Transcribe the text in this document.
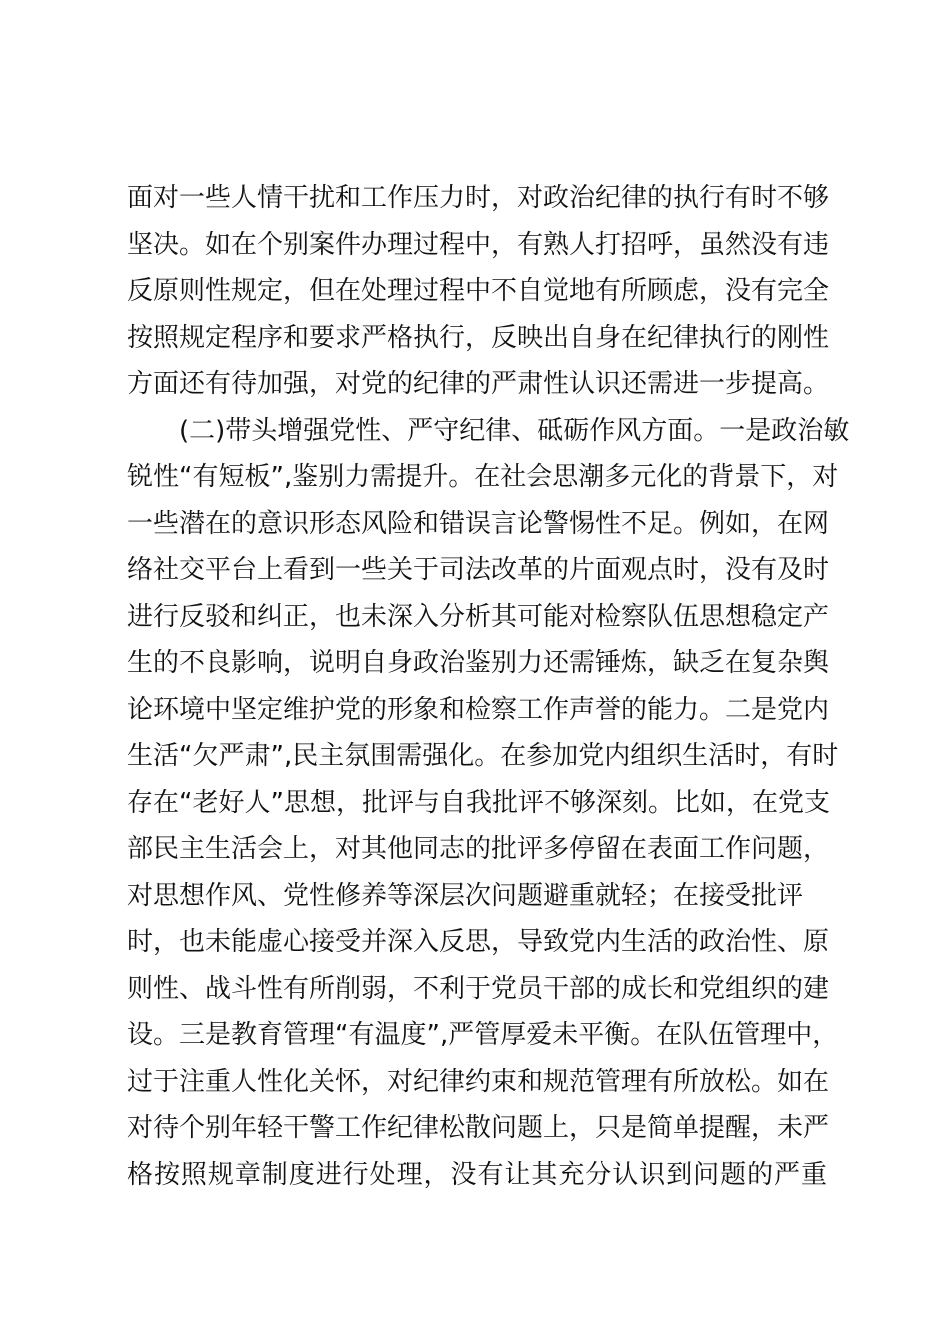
面对一些人情干扰和工作压力时，对政治纪律的执行有时不够
坚决。如在个别案件办理过程中，有熟人打招呼，虽然没有违
反原则性规定，但在处理过程中不自觉地有所顾虑，没有完全
按照规定程序和要求严格执行，反映出自身在纪律执行的刚性
方面还有待加强，对党的纪律的严肃性认识还需进一步提高。
(二)带头增强党性、严守纪律、砥砺作风方面。一是政治敏
锐性“有短板”,鉴别力需提升。在社会思潮多元化的背景下，对
一些潜在的意识形态风险和错误言论警惕性不足。例如，在网
络社交平台上看到一些关于司法改革的片面观点时，没有及时
进行反驳和纠正，也未深入分析其可能对检察队伍思想稳定产
生的不良影响，说明自身政治鉴别力还需锤炼，缺乏在复杂舆
论环境中坚定维护党的形象和检察工作声誉的能力。二是党内
生活“欠严肃”,民主氛围需强化。在参加党内组织生活时，有时
存在“老好人”思想，批评与自我批评不够深刻。比如，在党支
部民主生活会上，对其他同志的批评多停留在表面工作问题，
对思想作风、党性修养等深层次问题避重就轻；在接受批评
时，也未能虚心接受并深入反思，导致党内生活的政治性、原
则性、战斗性有所削弱，不利于党员干部的成长和党组织的建
设。三是教育管理“有温度”,严管厚爱未平衡。在队伍管理中，
过于注重人性化关怀，对纪律约束和规范管理有所放松。如在
对待个别年轻干警工作纪律松散问题上，只是简单提醒，未严
格按照规章制度进行处理，没有让其充分认识到问题的严重
